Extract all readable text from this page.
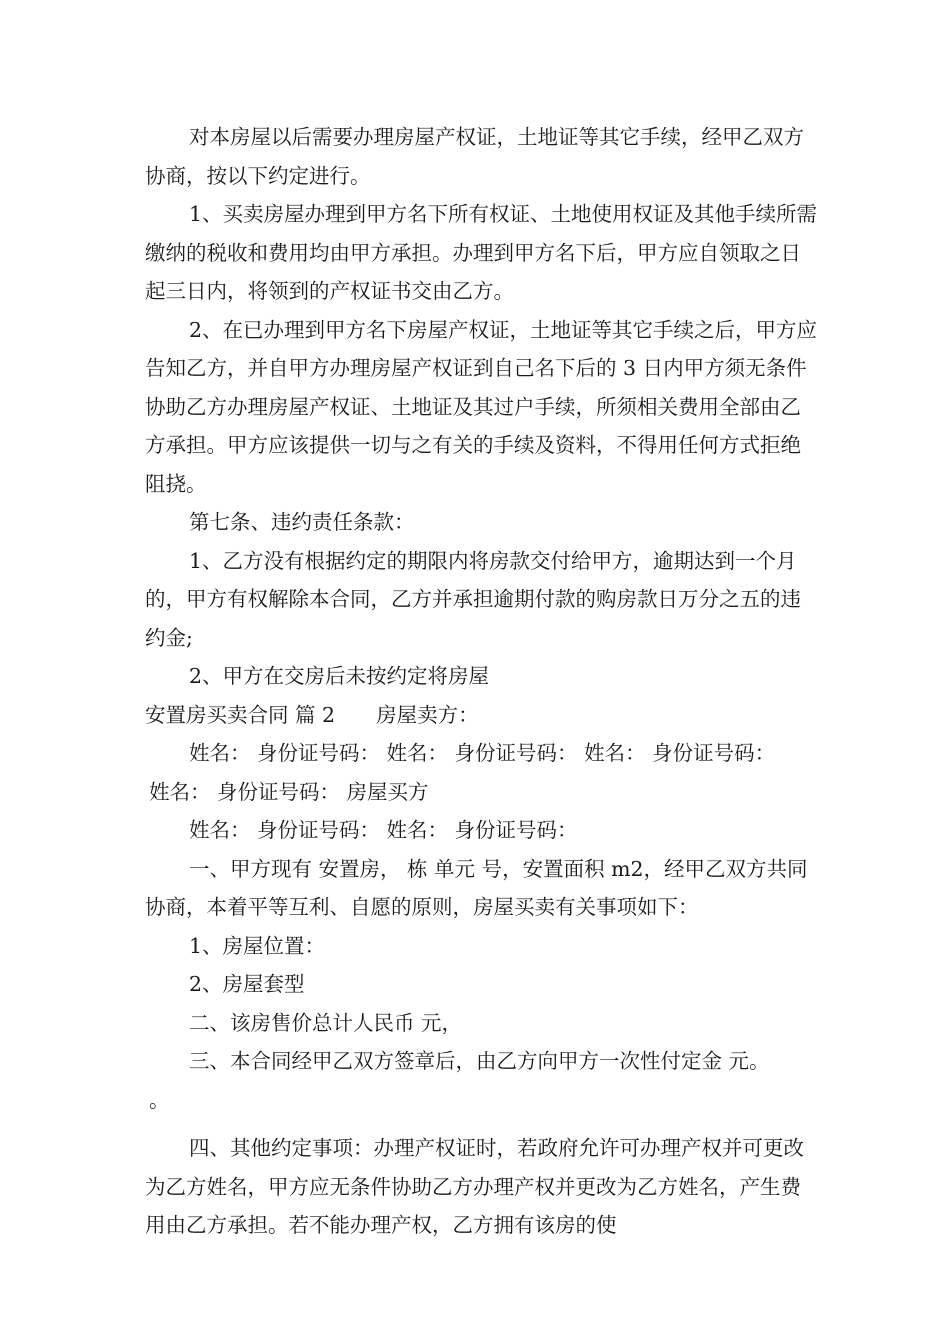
对本房屋以后需要办理房屋产权证，土地证等其它手续，经甲乙双方协商，按以下约定进行。

1、买卖房屋办理到甲方名下所有权证、土地使用权证及其他手续所需缴纳的税收和费用均由甲方承担。办理到甲方名下后，甲方应自领取之日起三日内，将领到的产权证书交由乙方。

2、在已办理到甲方名下房屋产权证，土地证等其它手续之后，甲方应告知乙方，并自甲方办理房屋产权证到自己名下后的 3 日内甲方须无条件协助乙方办理房屋产权证、土地证及其过户手续，所须相关费用全部由乙方承担。甲方应该提供一切与之有关的手续及资料，不得用任何方式拒绝阻挠。

第七条、违约责任条款：

1、乙方没有根据约定的期限内将房款交付给甲方，逾期达到一个月的，甲方有权解除本合同，乙方并承担逾期付款的购房款日万分之五的违约金;

2、甲方在交房后未按约定将房屋

安置房买卖合同 篇 2　　房屋卖方：

姓名： 身份证号码： 姓名： 身份证号码： 姓名： 身份证号码：

姓名： 身份证号码： 房屋买方

姓名： 身份证号码： 姓名： 身份证号码：

一、甲方现有 安置房， 栋 单元 号，安置面积 m2，经甲乙双方共同协商，本着平等互利、自愿的原则，房屋买卖有关事项如下：

1、房屋位置：

2、房屋套型

二、该房售价总计人民币 元，

三、本合同经甲乙双方签章后，由乙方向甲方一次性付定金 元。

。

四、其他约定事项：办理产权证时，若政府允许可办理产权并可更改为乙方姓名，甲方应无条件协助乙方办理产权并更改为乙方姓名，产生费用由乙方承担。若不能办理产权，乙方拥有该房的使
